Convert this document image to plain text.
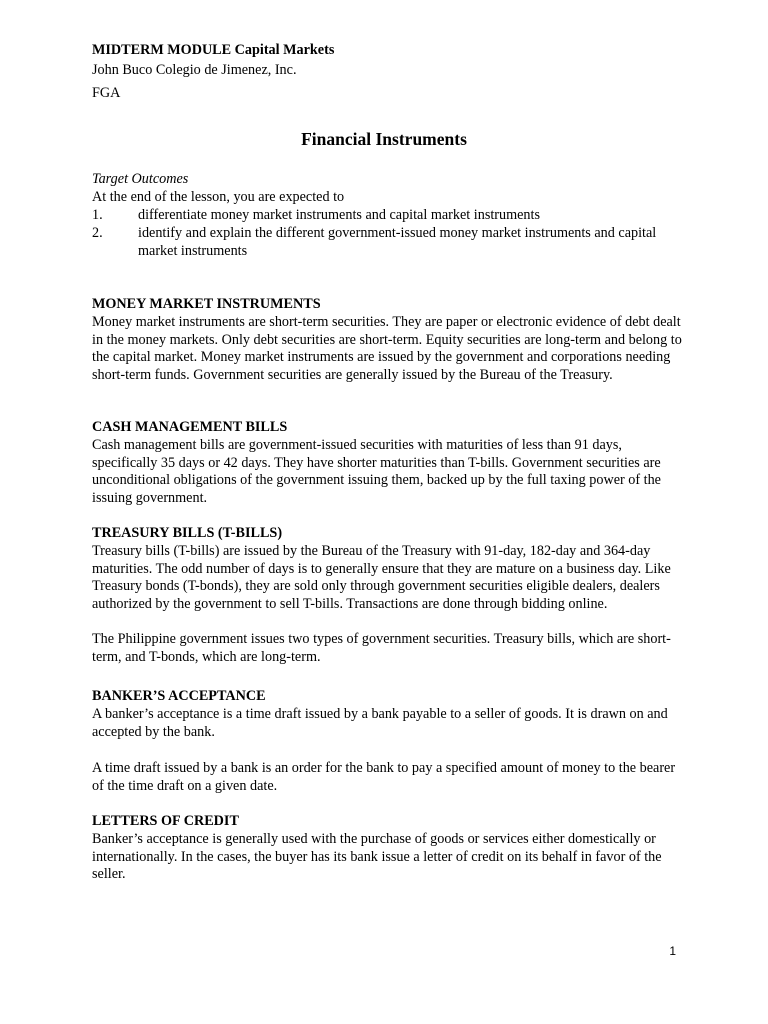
MIDTERM MODULE Capital Markets
John Buco Colegio de Jimenez, Inc.
FGA
Financial Instruments
Target Outcomes
At the end of the lesson, you are expected to
1. differentiate money market instruments and capital market instruments
2. identify and explain the different government-issued money market instruments and capital market instruments
MONEY MARKET INSTRUMENTS
Money market instruments are short-term securities. They are paper or electronic evidence of debt dealt in the money markets. Only debt securities are short-term. Equity securities are long-term and belong to the capital market. Money market instruments are issued by the government and corporations needing short-term funds. Government securities are generally issued by the Bureau of the Treasury.
CASH MANAGEMENT BILLS
Cash management bills are government-issued securities with maturities of less than 91 days, specifically 35 days or 42 days. They have shorter maturities than T-bills. Government securities are unconditional obligations of the government issuing them, backed up by the full taxing power of the issuing government.
TREASURY BILLS (T-BILLS)
Treasury bills (T-bills) are issued by the Bureau of the Treasury with 91-day, 182-day and 364-day maturities. The odd number of days is to generally ensure that they are mature on a business day. Like Treasury bonds (T-bonds), they are sold only through government securities eligible dealers, dealers authorized by the government to sell T-bills. Transactions are done through bidding online.
The Philippine government issues two types of government securities. Treasury bills, which are short-term, and T-bonds, which are long-term.
BANKER’S ACCEPTANCE
A banker’s acceptance is a time draft issued by a bank payable to a seller of goods. It is drawn on and accepted by the bank.
A time draft issued by a bank is an order for the bank to pay a specified amount of money to the bearer of the time draft on a given date.
LETTERS OF CREDIT
Banker’s acceptance is generally used with the purchase of goods or services either domestically or internationally. In the cases, the buyer has its bank issue a letter of credit on its behalf in favor of the seller.
1
